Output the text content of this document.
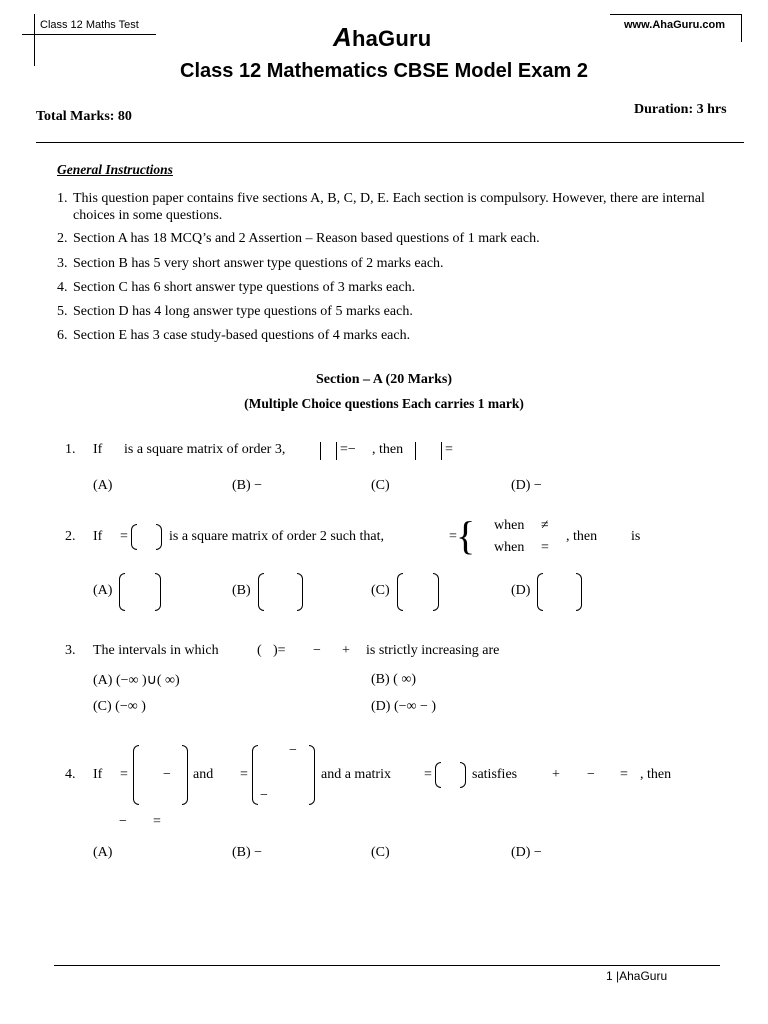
Class 12 Maths Test	AhaGuru
www.AhaGuru.com
Class 12 Mathematics CBSE Model Exam 2
Total Marks: 80	Duration: 3 hrs
General Instructions
1. This question paper contains five sections A, B, C, D, E. Each section is compulsory. However, there are internal choices in some questions.
2. Section A has 18 MCQ’s and 2 Assertion – Reason based questions of 1 mark each.
3. Section B has 5 very short answer type questions of 2 marks each.
4. Section C has 6 short answer type questions of 3 marks each.
5. Section D has 4 long answer type questions of 5 marks each.
6. Section E has 3 case study-based questions of 4 marks each.
Section – A (20 Marks)
(Multiple Choice questions Each carries 1 mark)
1. If is a square matrix of order 3,	=− , then	=
(A)	(B) −	(C)	(D) −
2. If =	is a square matrix of order 2 such that,	= { when ≠
when =
, then is
(A)	(B)	(C)	(D)
3. The intervals in which	( )= − + is strictly increasing are
(A) (−∞ )∪( ∞)	(B) ( ∞)
(C) (−∞ )	(D) (−∞ − )
4. If =	− and =
−
−
and a matrix =	satisfies + − = , then
− =
(A)	(B) −	(C)	(D) −
1 |AhaGuru
